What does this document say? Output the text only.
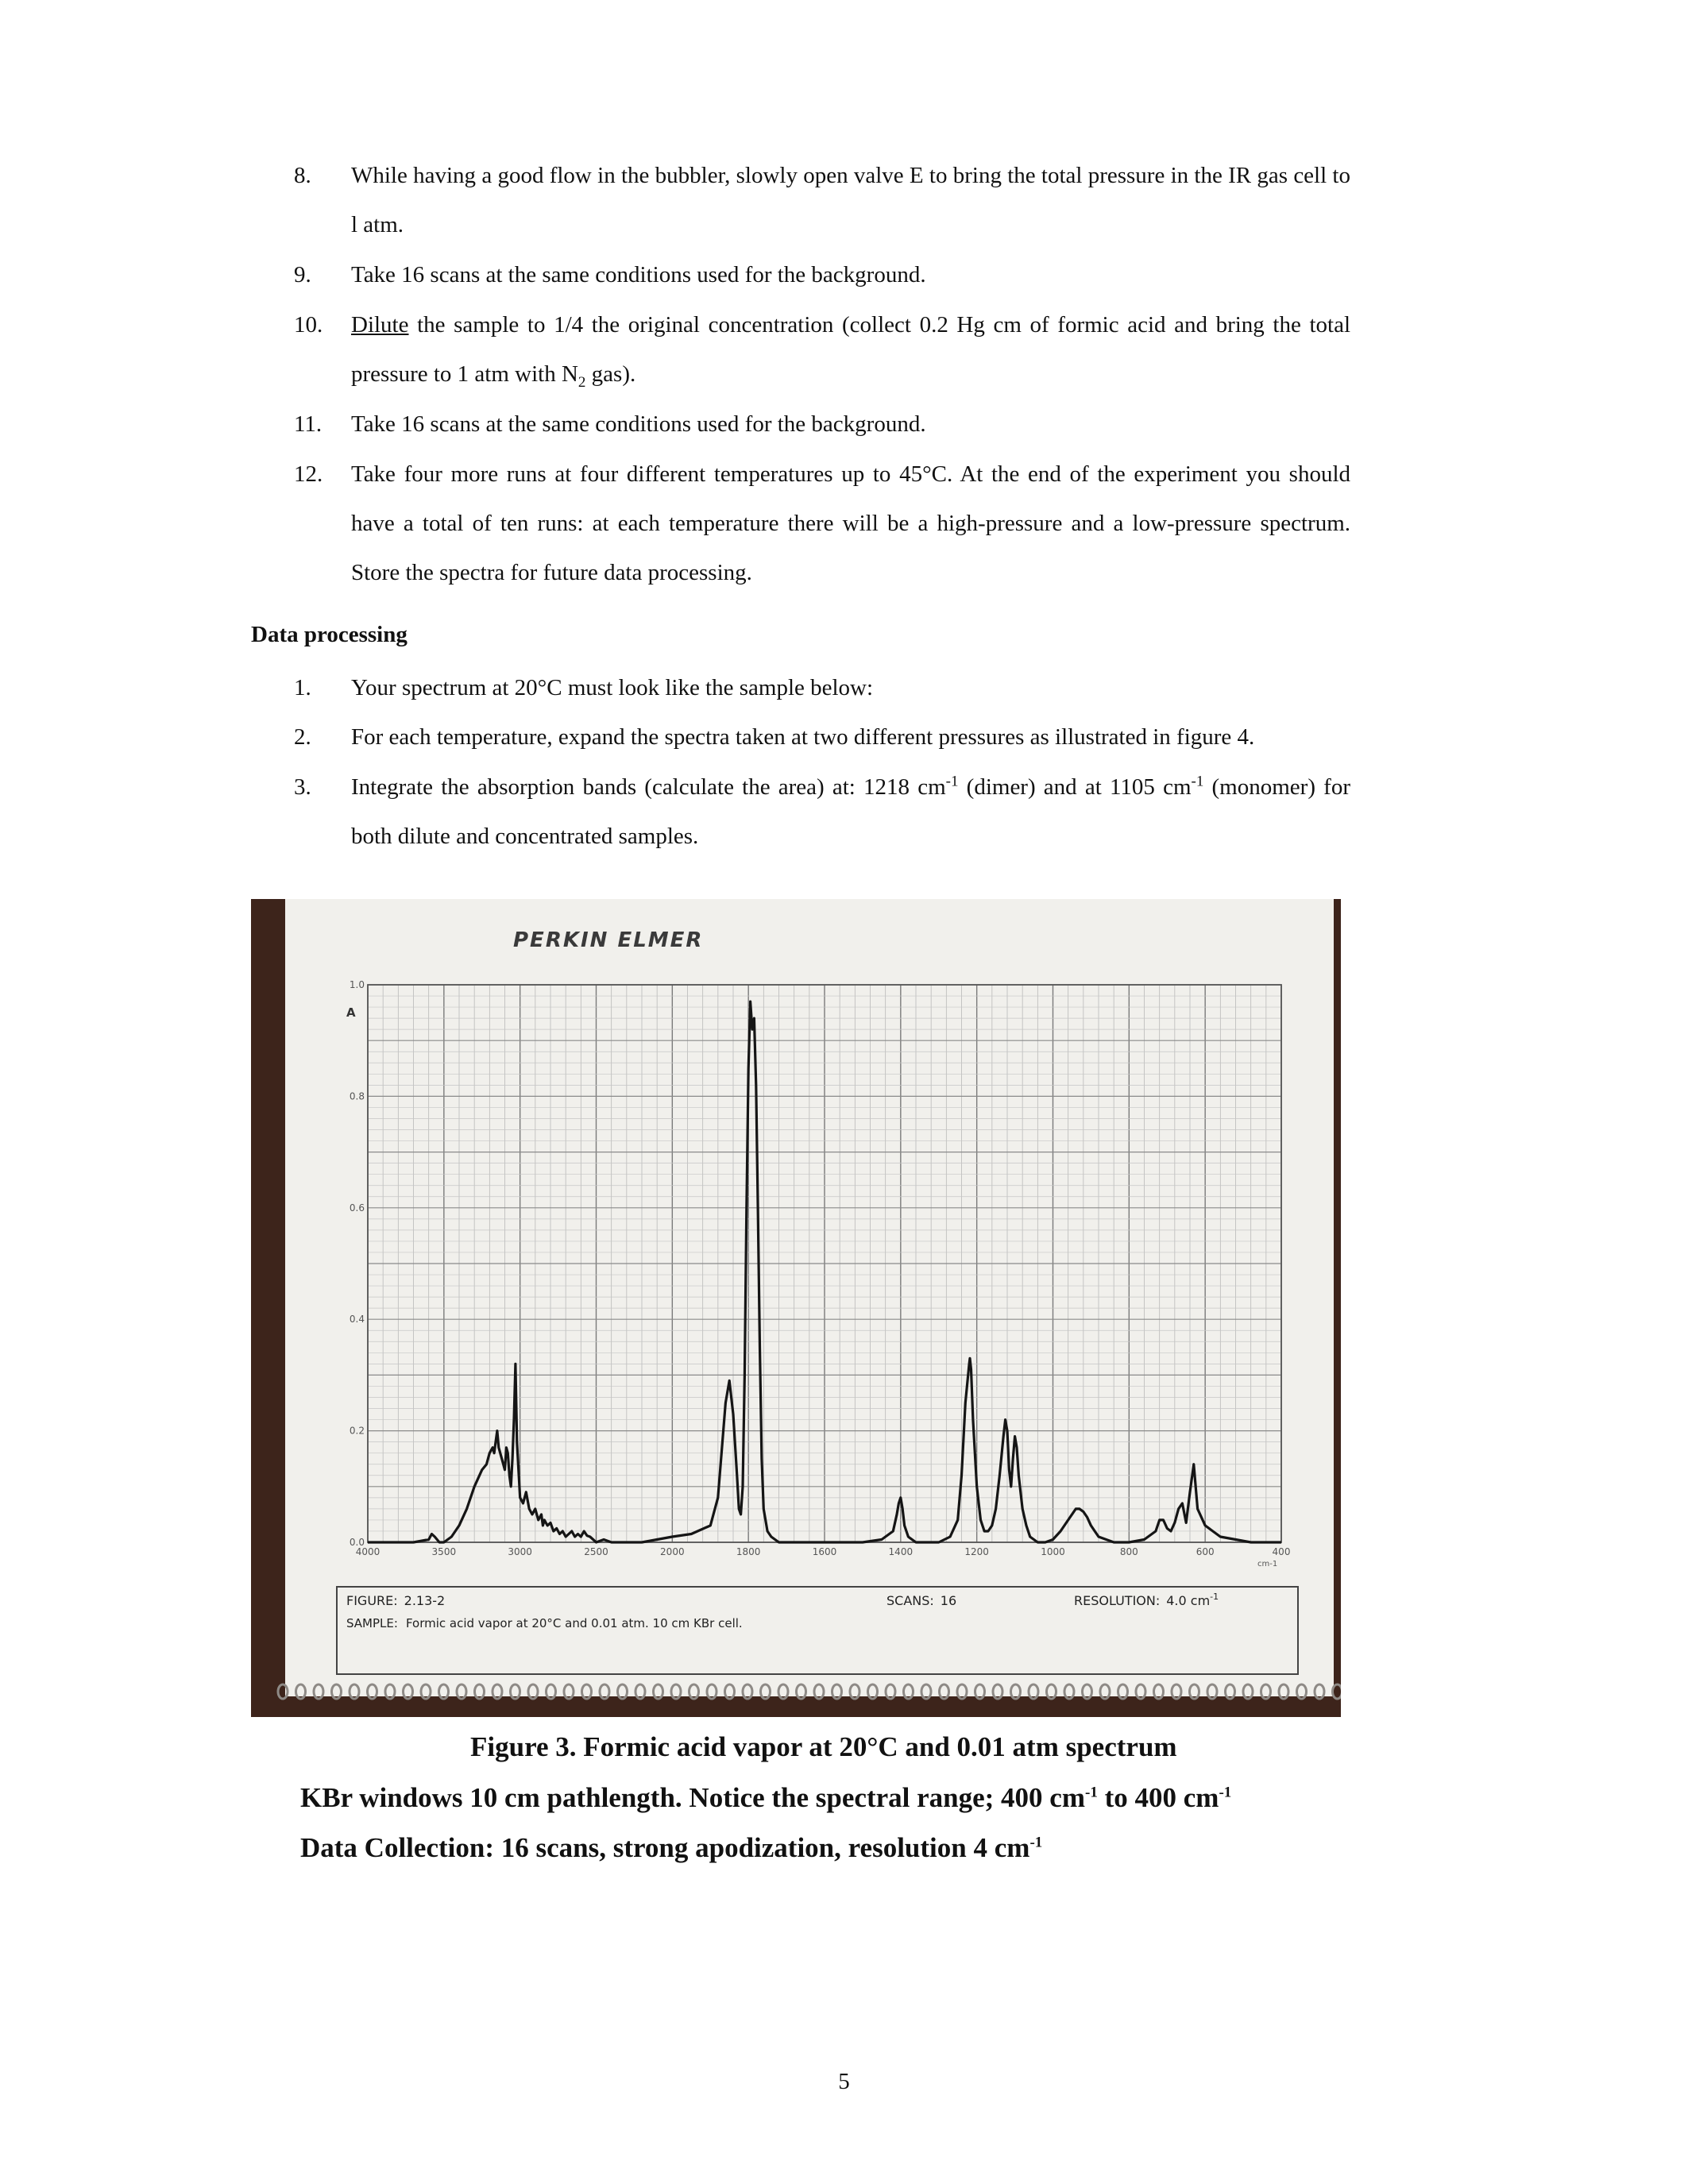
8.	While having a good flow in the bubbler, slowly open valve E to bring the total pressure in the IR gas cell to l atm.
9.	Take 16 scans at the same conditions used for the background.
10.	Dilute the sample to 1/4 the original concentration (collect 0.2 Hg cm of formic acid and bring the total pressure to 1 atm with $N_2$ gas).
11.	Take 16 scans at the same conditions used for the background.
12.	Take four more runs at four different temperatures up to 45°C. At the end of the experiment you should have a total of ten runs: at each temperature there will be a high-pressure and a low-pressure spectrum. Store the spectra for future data processing.
Data processing
1.	Your spectrum at 20°C must look like the sample below:
2.	For each temperature, expand the spectra taken at two different pressures as illustrated in figure 4.
3.	Integrate the absorption bands (calculate the area) at: 1218 $cm^{-1}$ (dimer) and at 1105 $cm^{-1}$ (monomer) for both dilute and concentrated samples.
PERKIN ELMER
A
4000	3500	3000	2500	2000	1800	1600	1400	1200	1000	800	600	400
0.0
0.2
0.4
0.6
0.8
1.0
cm-1
FIGURE: 2.13-2	SCANS: 16	RESOLUTION: 4.0 $cm^{-1}$
SAMPLE: Formic acid vapor at 20°C and 0.01 atm. 10 cm KBr cell.
Figure 3. Formic acid vapor at 20°C and 0.01 atm spectrum
KBr windows 10 cm pathlength. Notice the spectral range; 400 $cm^{-1}$ to 400 $cm^{-1}$
Data Collection: 16 scans, strong apodization, resolution 4 $cm^{-1}$
5
